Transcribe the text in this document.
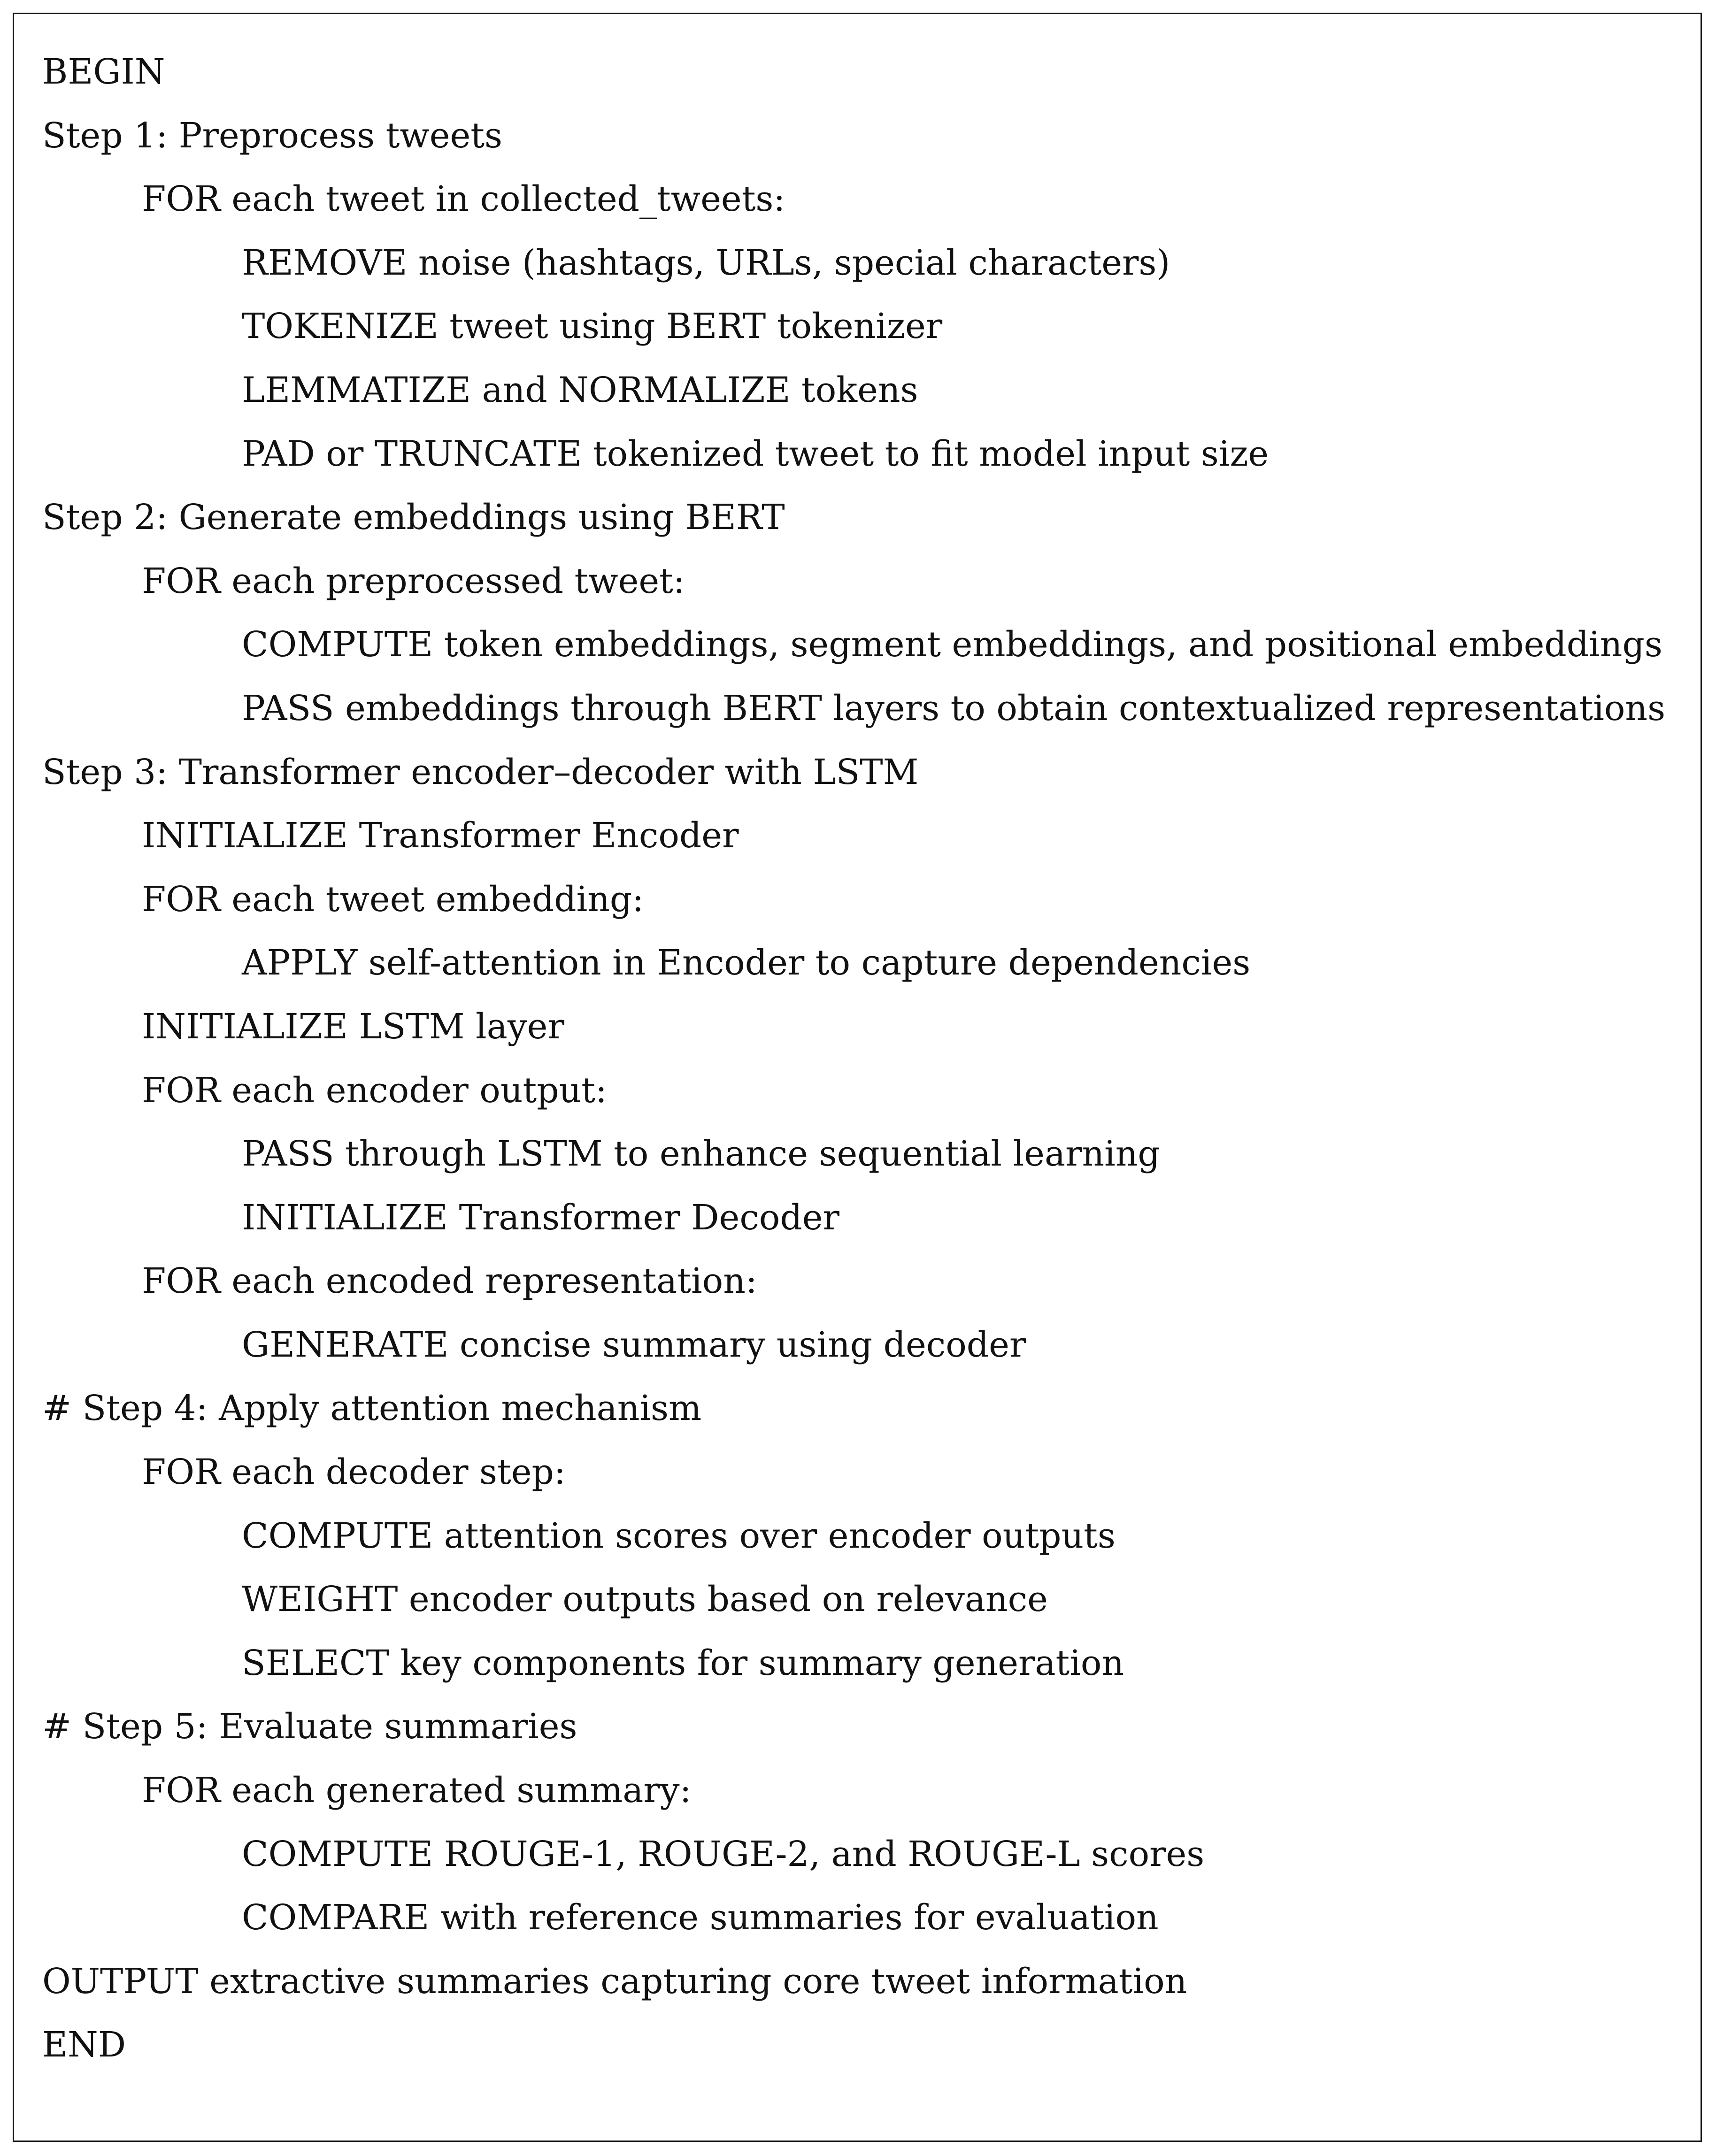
BEGIN
Step 1: Preprocess tweets
FOR each tweet in collected_tweets:
REMOVE noise (hashtags, URLs, special characters)
TOKENIZE tweet using BERT tokenizer
LEMMATIZE and NORMALIZE tokens
PAD or TRUNCATE tokenized tweet to fit model input size
Step 2: Generate embeddings using BERT
FOR each preprocessed tweet:
COMPUTE token embeddings, segment embeddings, and positional embeddings
PASS embeddings through BERT layers to obtain contextualized representations
Step 3: Transformer encoder–decoder with LSTM
INITIALIZE Transformer Encoder
FOR each tweet embedding:
APPLY self-attention in Encoder to capture dependencies
INITIALIZE LSTM layer
FOR each encoder output:
PASS through LSTM to enhance sequential learning
INITIALIZE Transformer Decoder
FOR each encoded representation:
GENERATE concise summary using decoder
# Step 4: Apply attention mechanism
FOR each decoder step:
COMPUTE attention scores over encoder outputs
WEIGHT encoder outputs based on relevance
SELECT key components for summary generation
# Step 5: Evaluate summaries
FOR each generated summary:
COMPUTE ROUGE-1, ROUGE-2, and ROUGE-L scores
COMPARE with reference summaries for evaluation
OUTPUT extractive summaries capturing core tweet information
END
